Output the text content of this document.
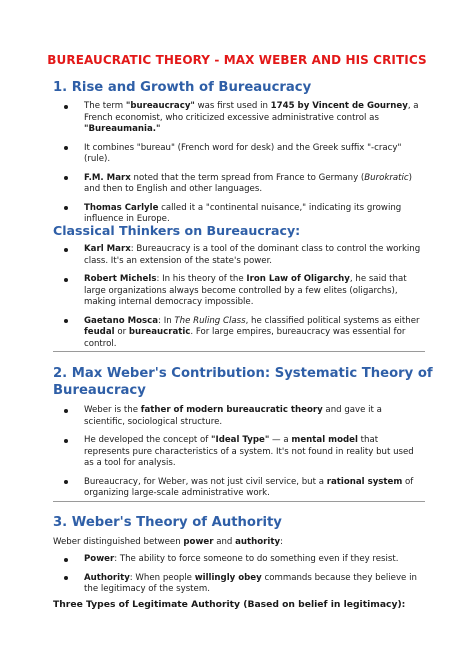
BUREAUCRATIC THEORY - MAX WEBER AND HIS CRITICS
1. Rise and Growth of Bureaucracy
The term "bureaucracy" was first used in 1745 by Vincent de Gourney, a French economist, who criticized excessive administrative control as "Bureaumania."
It combines "bureau" (French word for desk) and the Greek suffix "-cracy" (rule).
F.M. Marx noted that the term spread from France to Germany (Burokratic) and then to English and other languages.
Thomas Carlyle called it a "continental nuisance," indicating its growing influence in Europe.
Classical Thinkers on Bureaucracy:
Karl Marx: Bureaucracy is a tool of the dominant class to control the working class. It's an extension of the state's power.
Robert Michels: In his theory of the Iron Law of Oligarchy, he said that large organizations always become controlled by a few elites (oligarchs), making internal democracy impossible.
Gaetano Mosca: In The Ruling Class, he classified political systems as either feudal or bureaucratic. For large empires, bureaucracy was essential for control.
2. Max Weber's Contribution: Systematic Theory of
Bureaucracy
Weber is the father of modern bureaucratic theory and gave it a scientific, sociological structure.
He developed the concept of "Ideal Type" — a mental model that represents pure characteristics of a system. It's not found in reality but used as a tool for analysis.
Bureaucracy, for Weber, was not just civil service, but a rational system of organizing large-scale administrative work.
3. Weber's Theory of Authority
Weber distinguished between power and authority:
Power: The ability to force someone to do something even if they resist.
Authority: When people willingly obey commands because they believe in the legitimacy of the system.
Three Types of Legitimate Authority (Based on belief in legitimacy):
